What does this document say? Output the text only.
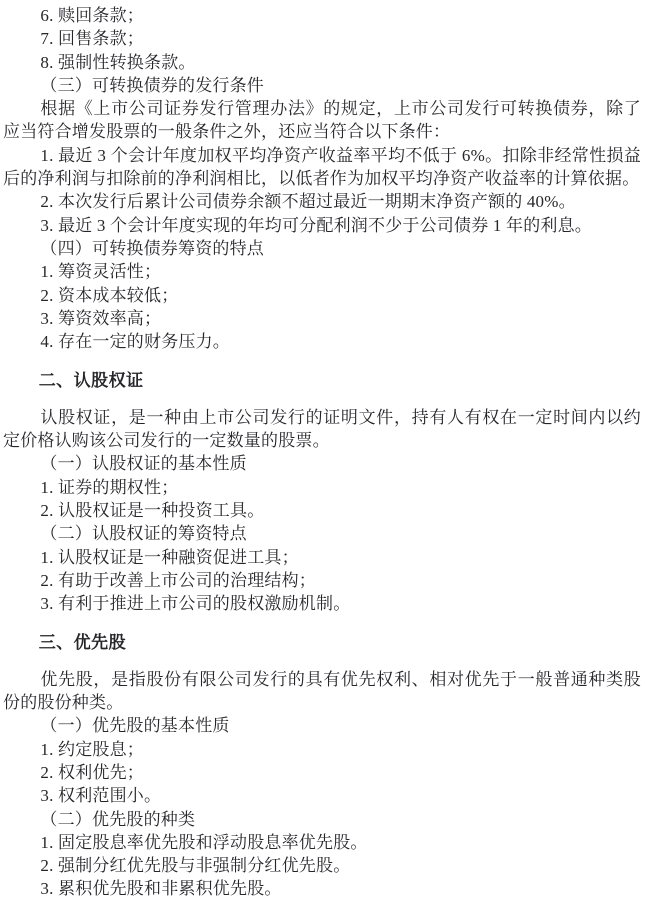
6. 赎回条款；

7. 回售条款；

8. 强制性转换条款。

（三）可转换债券的发行条件

根据《上市公司证券发行管理办法》的规定，上市公司发行可转换债券，除了应当符合增发股票的一般条件之外，还应当符合以下条件：

1. 最近 3 个会计年度加权平均净资产收益率平均不低于 6%。扣除非经常性损益后的净利润与扣除前的净利润相比，以低者作为加权平均净资产收益率的计算依据。

2. 本次发行后累计公司债券余额不超过最近一期期末净资产额的 40%。

3. 最近 3 个会计年度实现的年均可分配利润不少于公司债券 1 年的利息。

（四）可转换债券筹资的特点

1. 筹资灵活性；

2. 资本成本较低；

3. 筹资效率高；

4. 存在一定的财务压力。

二、认股权证

认股权证，是一种由上市公司发行的证明文件，持有人有权在一定时间内以约定价格认购该公司发行的一定数量的股票。

（一）认股权证的基本性质

1. 证券的期权性；

2. 认股权证是一种投资工具。

（二）认股权证的筹资特点

1. 认股权证是一种融资促进工具；

2. 有助于改善上市公司的治理结构；

3. 有利于推进上市公司的股权激励机制。

三、优先股

优先股，是指股份有限公司发行的具有优先权利、相对优先于一般普通种类股份的股份种类。

（一）优先股的基本性质

1. 约定股息；

2. 权利优先；

3. 权利范围小。

（二）优先股的种类

1. 固定股息率优先股和浮动股息率优先股。

2. 强制分红优先股与非强制分红优先股。

3. 累积优先股和非累积优先股。
